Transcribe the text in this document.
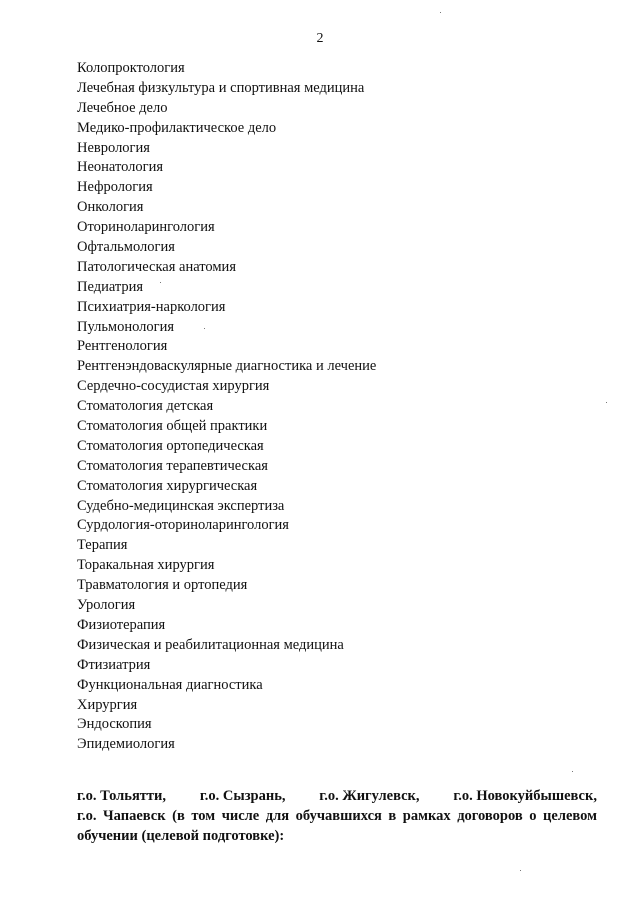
2
Колопроктология
Лечебная физкультура и спортивная медицина
Лечебное дело
Медико-профилактическое дело
Неврология
Неонатология
Нефрология
Онкология
Оториноларингология
Офтальмология
Патологическая анатомия
Педиатрия
Психиатрия-наркология
Пульмонология
Рентгенология
Рентгенэндоваскулярные диагностика и лечение
Сердечно-сосудистая хирургия
Стоматология детская
Стоматология общей практики
Стоматология ортопедическая
Стоматология терапевтическая
Стоматология хирургическая
Судебно-медицинская экспертиза
Сурдология-оториноларингология
Терапия
Торакальная хирургия
Травматология и ортопедия
Урология
Физиотерапия
Физическая и реабилитационная медицина
Фтизиатрия
Функциональная диагностика
Хирургия
Эндоскопия
Эпидемиология
г.о. Тольятти, г.о. Сызрань, г.о. Жигулевск, г.о. Новокуйбышевск,
г.о. Чапаевск (в том числе для обучавшихся в рамках договоров о целевом обучении (целевой подготовке):
